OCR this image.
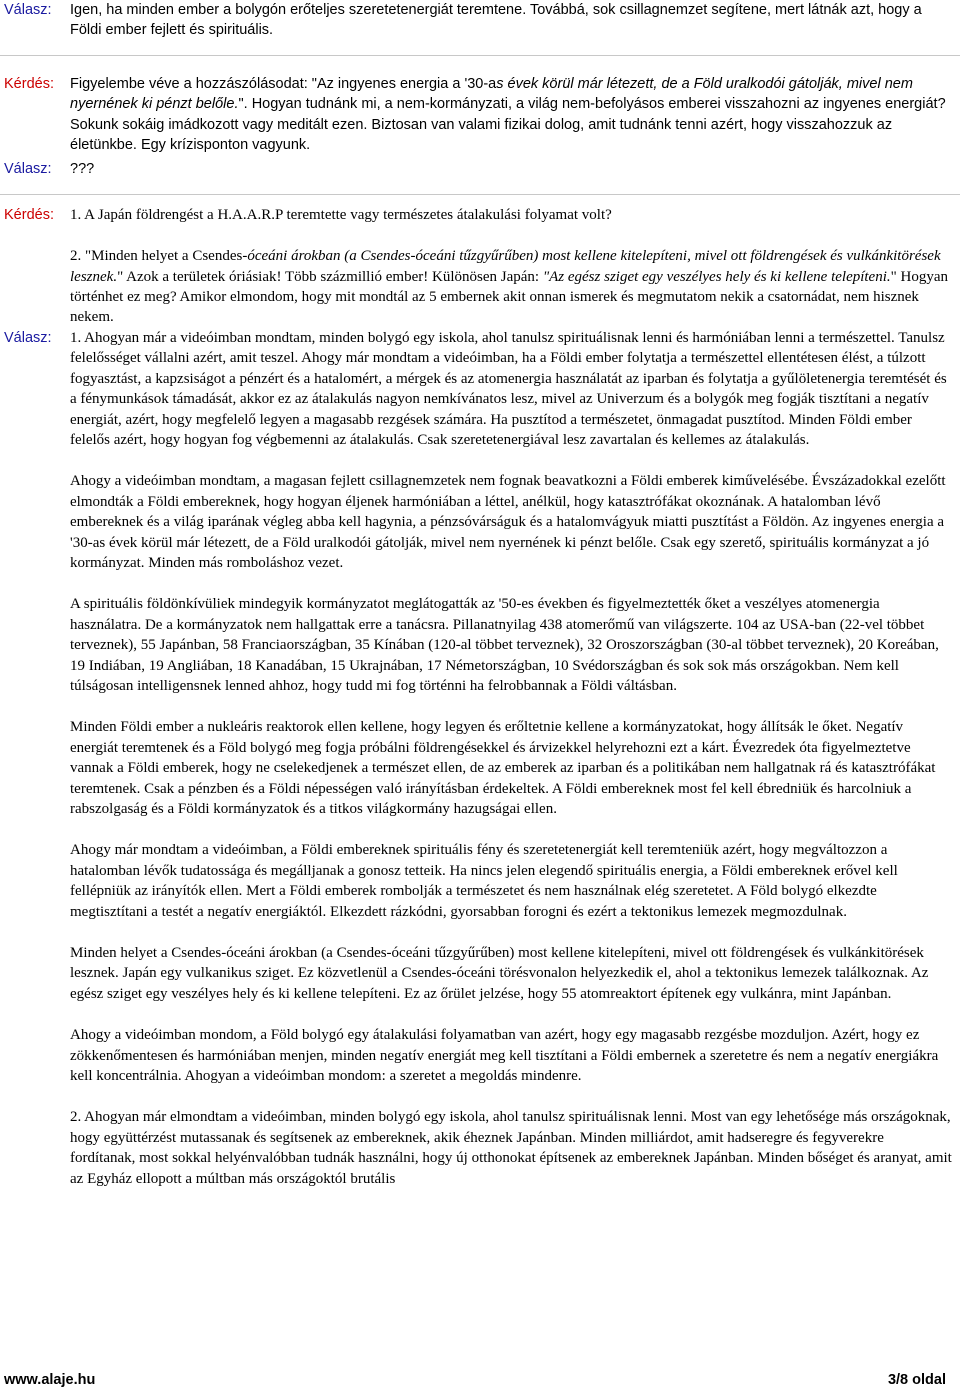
Válasz:	Igen, ha minden ember a bolygón erőteljes szeretetenergiát teremtene. Továbbá, sok csillagnemzet segítene, mert látnák azt, hogy a Földi ember fejlett és spirituális.

Kérdés:	Figyelembe véve a hozzászólásodat: "Az ingyenes energia a '30-as évek körül már létezett, de a Föld uralkodói gátolják, mivel nem nyernének ki pénzt belőle.". Hogyan tudnánk mi, a nem-kormányzati, a világ nem-befolyásos emberei visszahozni az ingyenes energiát? Sokunk sokáig imádkozott vagy meditált ezen. Biztosan van valami fizikai dolog, amit tudnánk tenni azért, hogy visszahozzuk az életünkbe. Egy krízisponton vagyunk.

Válasz:	???

Kérdés:	1. A Japán földrengést a H.A.A.R.P teremtette vagy természetes átalakulási folyamat volt?

2. "Minden helyet a Csendes-óceáni árokban (a Csendes-óceáni tűzgyűrűben) most kellene kitelepíteni, mivel ott földrengések és vulkánkitörések lesznek." Azok a területek óriásiak! Több százmillió ember! Különösen Japán: "Az egész sziget egy veszélyes hely és ki kellene telepíteni." Hogyan történhet ez meg? Amikor elmondom, hogy mit mondtál az 5 embernek akit onnan ismerek és megmutatom nekik a csatornádat, nem hisznek nekem.

Válasz:	1. Ahogyan már a videóimban mondtam, minden bolygó egy iskola, ahol tanulsz spirituálisnak lenni és harmóniában lenni a természettel. Tanulsz felelősséget vállalni azért, amit teszel. Ahogy már mondtam a videóimban, ha a Földi ember folytatja a természettel ellentétesen élést, a túlzott fogyasztást, a kapzsiságot a pénzért és a hatalomért, a mérgek és az atomenergia használatát az iparban és folytatja a gyűlöletenergia teremtését és a fénymunkások támadását, akkor ez az átalakulás nagyon nemkívánatos lesz, mivel az Univerzum és a bolygók meg fogják tisztítani a negatív energiát, azért, hogy megfelelő legyen a magasabb rezgések számára. Ha pusztítod a természetet, önmagadat pusztítod. Minden Földi ember felelős azért, hogy hogyan fog végbemenni az átalakulás. Csak szeretetenergiával lesz zavartalan és kellemes az átalakulás.

Ahogy a videóimban mondtam, a magasan fejlett csillagnemzetek nem fognak beavatkozni a Földi emberek kiművelésébe. Évszázadokkal ezelőtt elmondták a Földi embereknek, hogy hogyan éljenek harmóniában a léttel, anélkül, hogy katasztrófákat okoznának. A hatalomban lévő embereknek és a világ iparának végleg abba kell hagynia, a pénzsóvárságuk és a hatalomvágyuk miatti pusztítást a Földön. Az ingyenes energia a '30-as évek körül már létezett, de a Föld uralkodói gátolják, mivel nem nyernének ki pénzt belőle. Csak egy szerető, spirituális kormányzat a jó kormányzat. Minden más romboláshoz vezet.

A spirituális földönkívüliek mindegyik kormányzatot meglátogatták az '50-es években és figyelmeztették őket a veszélyes atomenergia használatra. De a kormányzatok nem hallgattak erre a tanácsra. Pillanatnyilag 438 atomerőmű van világszerte. 104 az USA-ban (22-vel többet terveznek), 55 Japánban, 58 Franciaországban, 35 Kínában (120-al többet terveznek), 32 Oroszországban (30-al többet terveznek), 20 Koreában, 19 Indiában, 19 Angliában, 18 Kanadában, 15 Ukrajnában, 17 Németországban, 10 Svédországban és sok sok más országokban. Nem kell túlságosan intelligensnek lenned ahhoz, hogy tudd mi fog történni ha felrobbannak a Földi váltásban.

Minden Földi ember a nukleáris reaktorok ellen kellene, hogy legyen és erőltetnie kellene a kormányzatokat, hogy állítsák le őket. Negatív energiát teremtenek és a Föld bolygó meg fogja próbálni földrengésekkel és árvizekkel helyrehozni ezt a kárt. Évezredek óta figyelmeztetve vannak a Földi emberek, hogy ne cselekedjenek a természet ellen, de az emberek az iparban és a politikában nem hallgatnak rá és katasztrófákat teremtenek. Csak a pénzben és a Földi népességen való irányításban érdekeltek. A Földi embereknek most fel kell ébredniük és harcolniuk a rabszolgaság és a Földi kormányzatok és a titkos világkormány hazugságai ellen.

Ahogy már mondtam a videóimban, a Földi embereknek spirituális fény és szeretetenergiát kell teremteniük azért, hogy megváltozzon a hatalomban lévők tudatossága és megálljanak a gonosz tetteik. Ha nincs jelen elegendő spirituális energia, a Földi embereknek erővel kell fellépniük az irányítók ellen. Mert a Földi emberek rombolják a természetet és nem használnak elég szeretetet. A Föld bolygó elkezdte megtisztítani a testét a negatív energiáktól. Elkezdett rázkódni, gyorsabban forogni és ezért a tektonikus lemezek megmozdulnak.

Minden helyet a Csendes-óceáni árokban (a Csendes-óceáni tűzgyűrűben) most kellene kitelepíteni, mivel ott földrengések és vulkánkitörések lesznek. Japán egy vulkanikus sziget. Ez közvetlenül a Csendes-óceáni törésvonalon helyezkedik el, ahol a tektonikus lemezek találkoznak. Az egész sziget egy veszélyes hely és ki kellene telepíteni. Ez az őrület jelzése, hogy 55 atomreaktort építenek egy vulkánra, mint Japánban.

Ahogy a videóimban mondom, a Föld bolygó egy átalakulási folyamatban van azért, hogy egy magasabb rezgésbe mozduljon. Azért, hogy ez zökkenőmentesen és harmóniában menjen, minden negatív energiát meg kell tisztítani a Földi embernek a szeretetre és nem a negatív energiákra kell koncentrálnia. Ahogyan a videóimban mondom: a szeretet a megoldás mindenre.

2. Ahogyan már elmondtam a videóimban, minden bolygó egy iskola, ahol tanulsz spirituálisnak lenni. Most van egy lehetősége más országoknak, hogy együttérzést mutassanak és segítsenek az embereknek, akik éheznek Japánban. Minden milliárdot, amit hadseregre és fegyverekre fordítanak, most sokkal helyénvalóbban tudnák használni, hogy új otthonokat építsenek az embereknek Japánban. Minden bőséget és aranyat, amit az Egyház ellopott a múltban más országoktól brutális

www.alaje.hu	3/8 oldal
